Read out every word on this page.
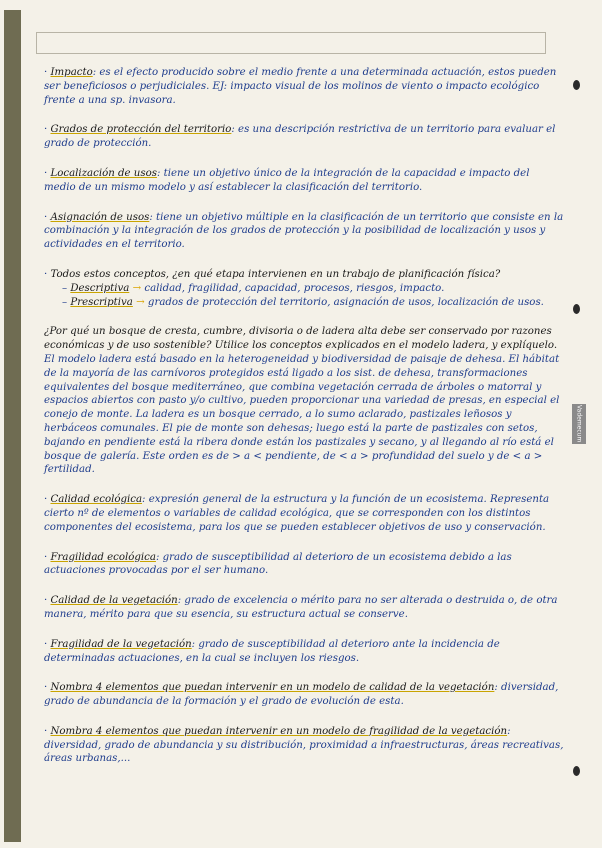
Vademecum

· Impacto: es el efecto producido sobre el medio frente a una determinada actuación, estos pueden ser beneficiosos o perjudiciales. EJ: impacto visual de los molinos de viento o impacto ecológico frente a una sp. invasora.

· Grados de protección del territorio: es una descripción restrictiva de un territorio para evaluar el grado de protección.

· Localización de usos: tiene un objetivo único de la integración de la capacidad e impacto del medio de un mismo modelo y así establecer la clasificación del territorio.

· Asignación de usos: tiene un objetivo múltiple en la clasificación de un territorio que consiste en la combinación y la integración de los grados de protección y la posibilidad de localización y usos y actividades en el territorio.

· Todos estos conceptos, ¿en qué etapa intervienen en un trabajo de planificación física?
– Descriptiva → calidad, fragilidad, capacidad, procesos, riesgos, impacto.
– Prescriptiva → grados de protección del territorio, asignación de usos, localización de usos.

¿Por qué un bosque de cresta, cumbre, divisoria o de ladera alta debe ser conservado por razones económicas y de uso sostenible? Utilice los conceptos explicados en el modelo ladera, y explíquelo. El modelo ladera está basado en la heterogeneidad y biodiversidad de paisaje de dehesa. El hábitat de la mayoría de las carnívoros protegidos está ligado a los sist. de dehesa, transformaciones equivalentes del bosque mediterráneo, que combina vegetación cerrada de árboles o matorral y espacios abiertos con pasto y/o cultivo, pueden proporcionar una variedad de presas, en especial el conejo de monte. La ladera es un bosque cerrado, a lo sumo aclarado, pastizales leñosos y herbáceos comunales. El pie de monte son dehesas; luego está la parte de pastizales con setos, bajando en pendiente está la ribera donde están los pastizales y secano, y al llegando al río está el bosque de galería. Este orden es de > a < pendiente, de < a > profundidad del suelo y de < a > fertilidad.

· Calidad ecológica: expresión general de la estructura y la función de un ecosistema. Representa cierto nº de elementos o variables de calidad ecológica, que se corresponden con los distintos componentes del ecosistema, para los que se pueden establecer objetivos de uso y conservación.

· Fragilidad ecológica: grado de susceptibilidad al deterioro de un ecosistema debido a las actuaciones provocadas por el ser humano.

· Calidad de la vegetación: grado de excelencia o mérito para no ser alterada o destruida o, de otra manera, mérito para que su esencia, su estructura actual se conserve.

· Fragilidad de la vegetación: grado de susceptibilidad al deterioro ante la incidencia de determinadas actuaciones, en la cual se incluyen los riesgos.

· Nombra 4 elementos que puedan intervenir en un modelo de calidad de la vegetación: diversidad, grado de abundancia de la formación y el grado de evolución de esta.

· Nombra 4 elementos que puedan intervenir en un modelo de fragilidad de la vegetación: diversidad, grado de abundancia y su distribución, proximidad a infraestructuras, áreas recreativas, áreas urbanas,...
